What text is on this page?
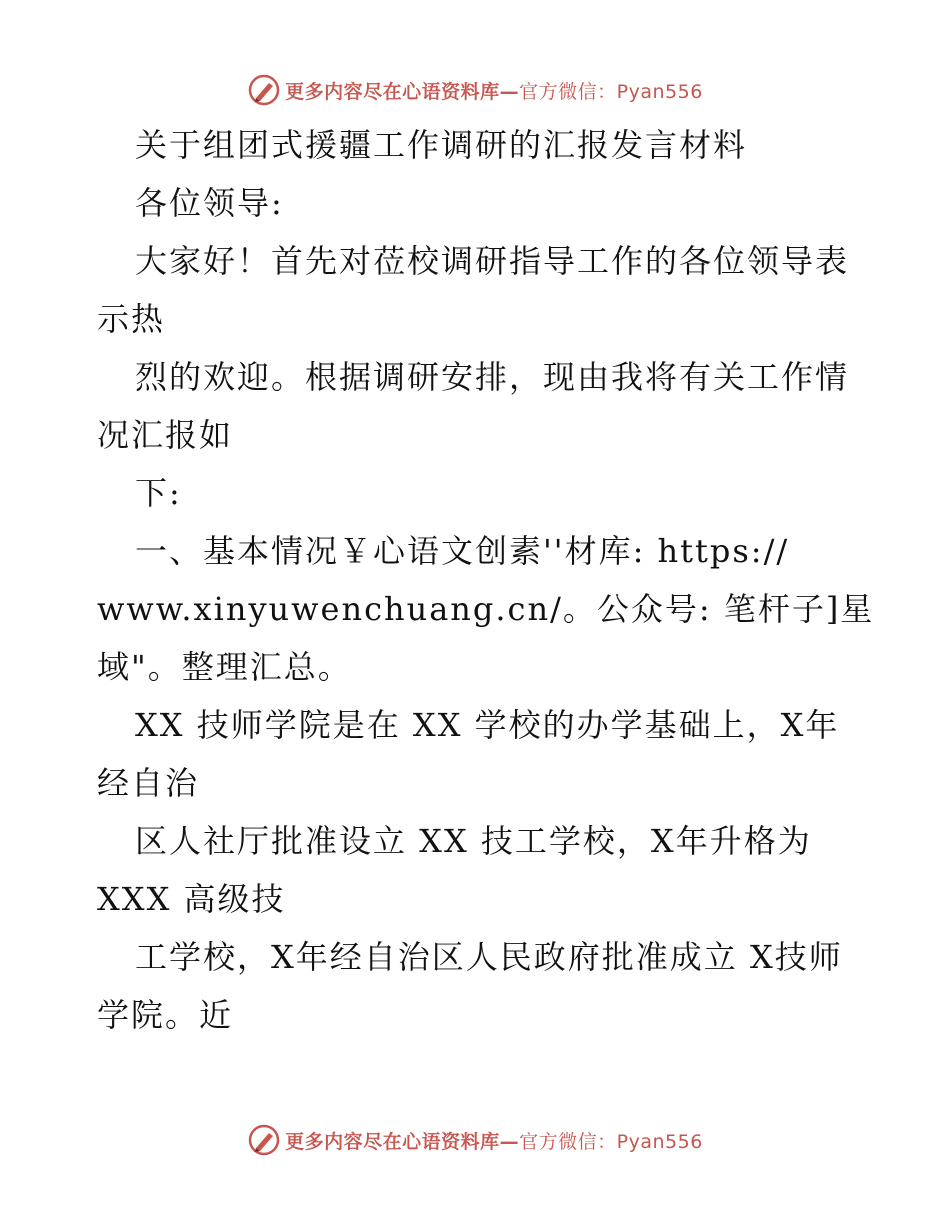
更多内容尽在心语资料库—官方微信：Pyan556
关于组团式援疆工作调研的汇报发言材料
各位领导:
大家好！首先对莅校调研指导工作的各位领导表
示热
烈的欢迎。根据调研安排，现由我将有关工作情
况汇报如
下:
一、基本情况￥心语文创素''材库: https://
www.xinyuwenchuang.cn/。公众号: 笔杆子]星
域"。整理汇总。
XX 技师学院是在 XX 学校的办学基础上，X年
经自治
区人社厅批准设立 XX 技工学校，X年升格为
XXX 高级技
工学校，X年经自治区人民政府批准成立 X技师
学院。近
更多内容尽在心语资料库—官方微信：Pyan556
